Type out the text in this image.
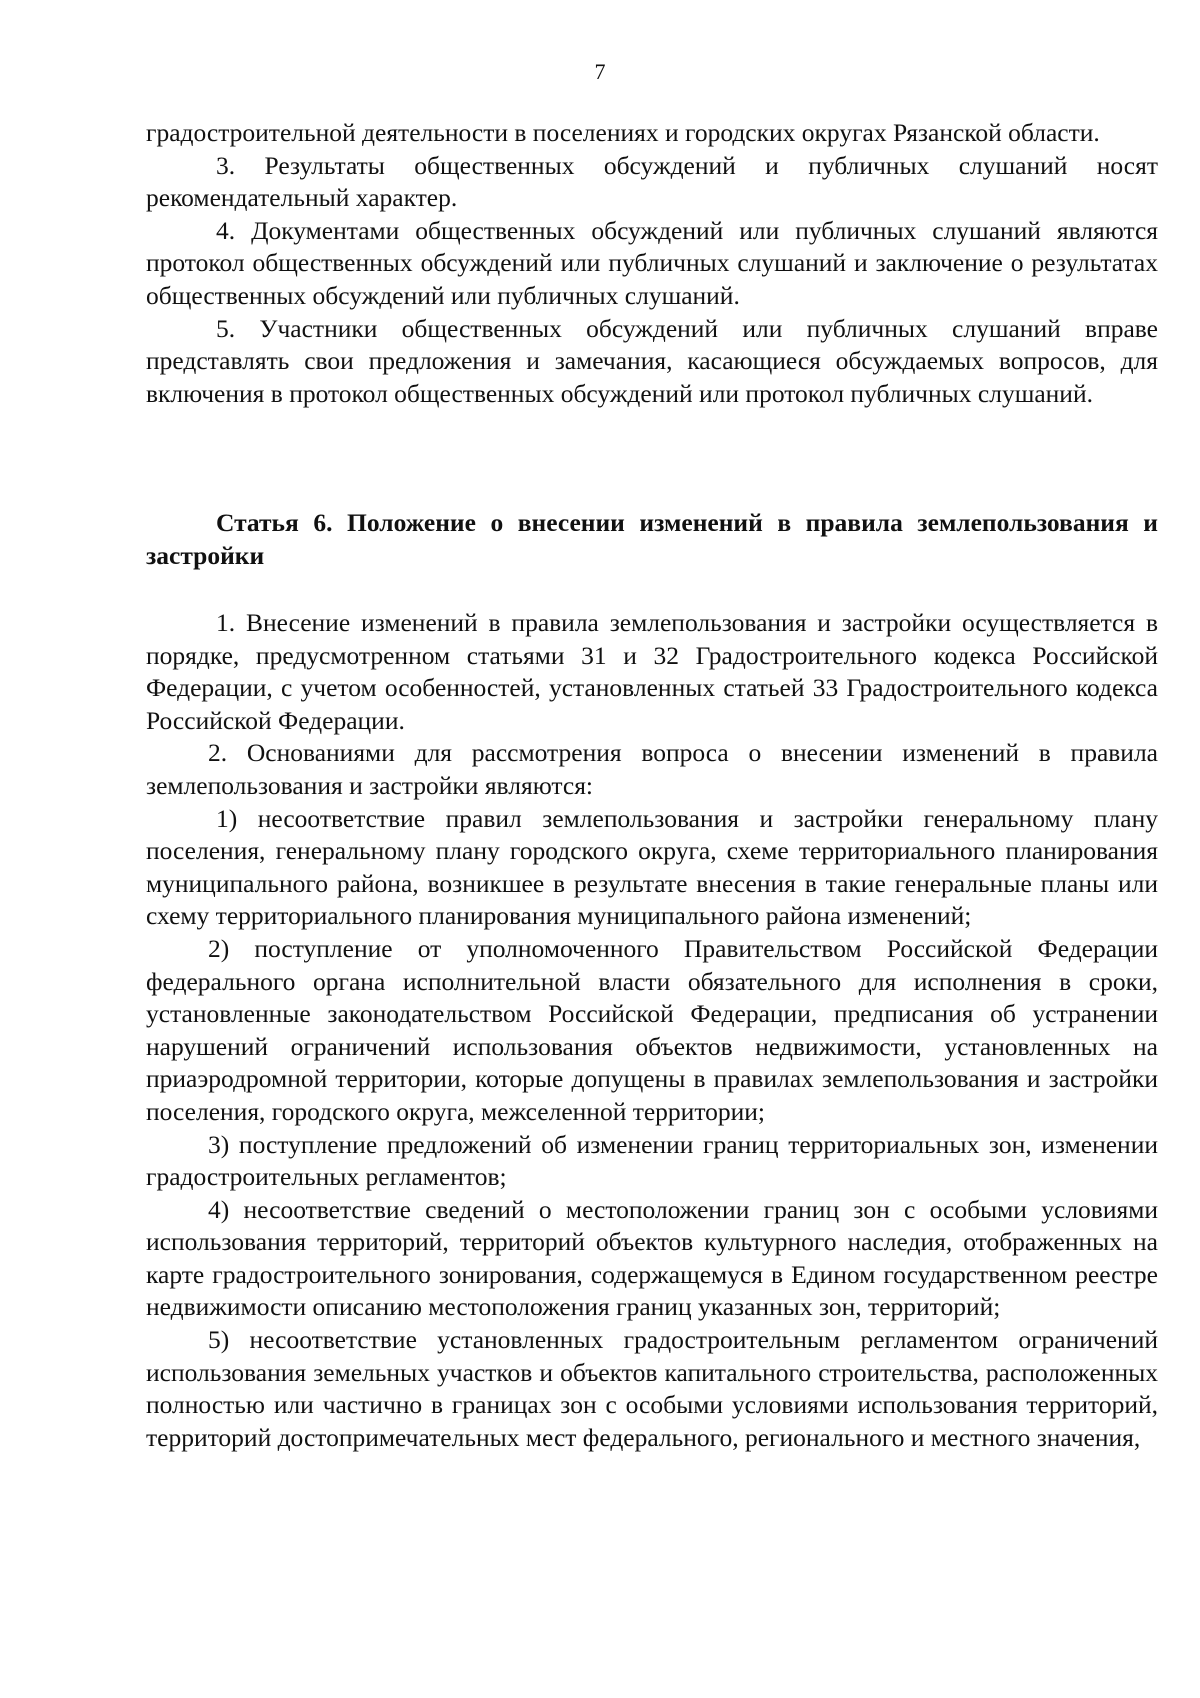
7

градостроительной деятельности в поселениях и городских округах Рязанской области.

3. Результаты общественных обсуждений и публичных слушаний носят рекомендательный характер.

4. Документами общественных обсуждений или публичных слушаний являются протокол общественных обсуждений или публичных слушаний и заключение о результатах общественных обсуждений или публичных слушаний.

5. Участники общественных обсуждений или публичных слушаний вправе представлять свои предложения и замечания, касающиеся обсуждаемых вопросов, для включения в протокол общественных обсуждений или протокол публичных слушаний.

Статья 6. Положение о внесении изменений в правила землепользования и застройки

1. Внесение изменений в правила землепользования и застройки осуществляется в порядке, предусмотренном статьями 31 и 32 Градостроительного кодекса Российской Федерации, с учетом особенностей, установленных статьей 33 Градостроительного кодекса Российской Федерации.

2. Основаниями для рассмотрения вопроса о внесении изменений в правила землепользования и застройки являются:

1) несоответствие правил землепользования и застройки генеральному плану поселения, генеральному плану городского округа, схеме территориального планирования муниципального района, возникшее в результате внесения в такие генеральные планы или схему территориального планирования муниципального района изменений;

2) поступление от уполномоченного Правительством Российской Федерации федерального органа исполнительной власти обязательного для исполнения в сроки, установленные законодательством Российской Федерации, предписания об устранении нарушений ограничений использования объектов недвижимости, установленных на приаэродромной территории, которые допущены в правилах землепользования и застройки поселения, городского округа, межселенной территории;

3) поступление предложений об изменении границ территориальных зон, изменении градостроительных регламентов;

4) несоответствие сведений о местоположении границ зон с особыми условиями использования территорий, территорий объектов культурного наследия, отображенных на карте градостроительного зонирования, содержащемуся в Едином государственном реестре недвижимости описанию местоположения границ указанных зон, территорий;

5) несоответствие установленных градостроительным регламентом ограничений использования земельных участков и объектов капитального строительства, расположенных полностью или частично в границах зон с особыми условиями использования территорий, территорий достопримечательных мест федерального, регионального и местного значения,
